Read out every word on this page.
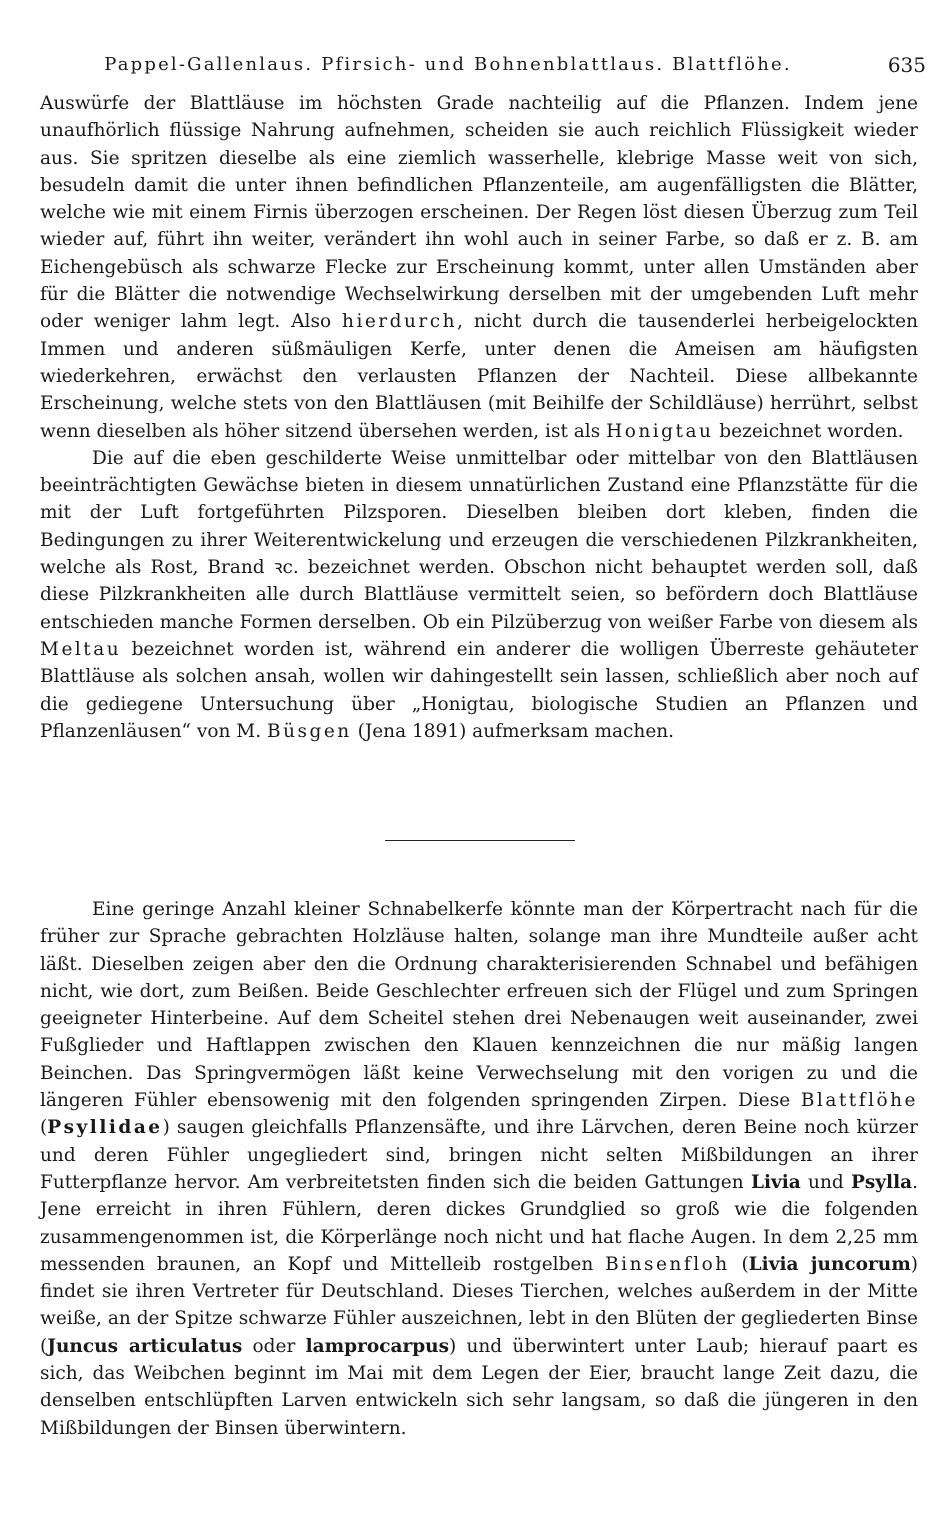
Pappel-Gallenlaus. Pfirsich- und Bohnenblattlaus. Blattflöhe.	635

Auswürfe der Blattläuse im höchsten Grade nachteilig auf die Pflanzen. Indem jene unaufhörlich flüssige Nahrung aufnehmen, scheiden sie auch reichlich Flüssigkeit wieder aus. Sie spritzen dieselbe als eine ziemlich wasserhelle, klebrige Masse weit von sich, besudeln damit die unter ihnen befindlichen Pflanzenteile, am augenfälligsten die Blätter, welche wie mit einem Firnis überzogen erscheinen. Der Regen löst diesen Überzug zum Teil wieder auf, führt ihn weiter, verändert ihn wohl auch in seiner Farbe, so daß er z. B. am Eichengebüsch als schwarze Flecke zur Erscheinung kommt, unter allen Umständen aber für die Blätter die notwendige Wechselwirkung derselben mit der umgebenden Luft mehr oder weniger lahm legt. Also hierdurch, nicht durch die tausenderlei herbeigelockten Immen und anderen süßmäuligen Kerfe, unter denen die Ameisen am häufigsten wiederkehren, erwächst den verlausten Pflanzen der Nachteil. Diese allbekannte Erscheinung, welche stets von den Blattläusen (mit Beihilfe der Schildläuse) herrührt, selbst wenn dieselben als höher sitzend übersehen werden, ist als Honigtau bezeichnet worden.

Die auf die eben geschilderte Weise unmittelbar oder mittelbar von den Blattläusen beeinträchtigten Gewächse bieten in diesem unnatürlichen Zustand eine Pflanzstätte für die mit der Luft fortgeführten Pilzsporen. Dieselben bleiben dort kleben, finden die Bedingungen zu ihrer Weiterentwickelung und erzeugen die verschiedenen Pilzkrankheiten, welche als Rost, Brand ꝛc. bezeichnet werden. Obschon nicht behauptet werden soll, daß diese Pilzkrankheiten alle durch Blattläuse vermittelt seien, so befördern doch Blattläuse entschieden manche Formen derselben. Ob ein Pilzüberzug von weißer Farbe von diesem als Meltau bezeichnet worden ist, während ein anderer die wolligen Überreste gehäuteter Blattläuse als solchen ansah, wollen wir dahingestellt sein lassen, schließlich aber noch auf die gediegene Untersuchung über „Honigtau, biologische Studien an Pflanzen und Pflanzenläusen“ von M. Büsgen (Jena 1891) aufmerksam machen.

Eine geringe Anzahl kleiner Schnabelkerfe könnte man der Körpertracht nach für die früher zur Sprache gebrachten Holzläuse halten, solange man ihre Mundteile außer acht läßt. Dieselben zeigen aber den die Ordnung charakterisierenden Schnabel und befähigen nicht, wie dort, zum Beißen. Beide Geschlechter erfreuen sich der Flügel und zum Springen geeigneter Hinterbeine. Auf dem Scheitel stehen drei Nebenaugen weit auseinander, zwei Fußglieder und Haftlappen zwischen den Klauen kennzeichnen die nur mäßig langen Beinchen. Das Springvermögen läßt keine Verwechselung mit den vorigen zu und die längeren Fühler ebensowenig mit den folgenden springenden Zirpen. Diese Blattflöhe (Psyllidae) saugen gleichfalls Pflanzensäfte, und ihre Lärvchen, deren Beine noch kürzer und deren Fühler ungegliedert sind, bringen nicht selten Mißbildungen an ihrer Futterpflanze hervor. Am verbreitetsten finden sich die beiden Gattungen Livia und Psylla. Jene erreicht in ihren Fühlern, deren dickes Grundglied so groß wie die folgenden zusammengenommen ist, die Körperlänge noch nicht und hat flache Augen. In dem 2,25 mm messenden braunen, an Kopf und Mittelleib rostgelben Binsenfloh (Livia juncorum) findet sie ihren Vertreter für Deutschland. Dieses Tierchen, welches außerdem in der Mitte weiße, an der Spitze schwarze Fühler auszeichnen, lebt in den Blüten der gegliederten Binse (Juncus articulatus oder lamprocarpus) und überwintert unter Laub; hierauf paart es sich, das Weibchen beginnt im Mai mit dem Legen der Eier, braucht lange Zeit dazu, die denselben entschlüpften Larven entwickeln sich sehr langsam, so daß die jüngeren in den Mißbildungen der Binsen überwintern.
